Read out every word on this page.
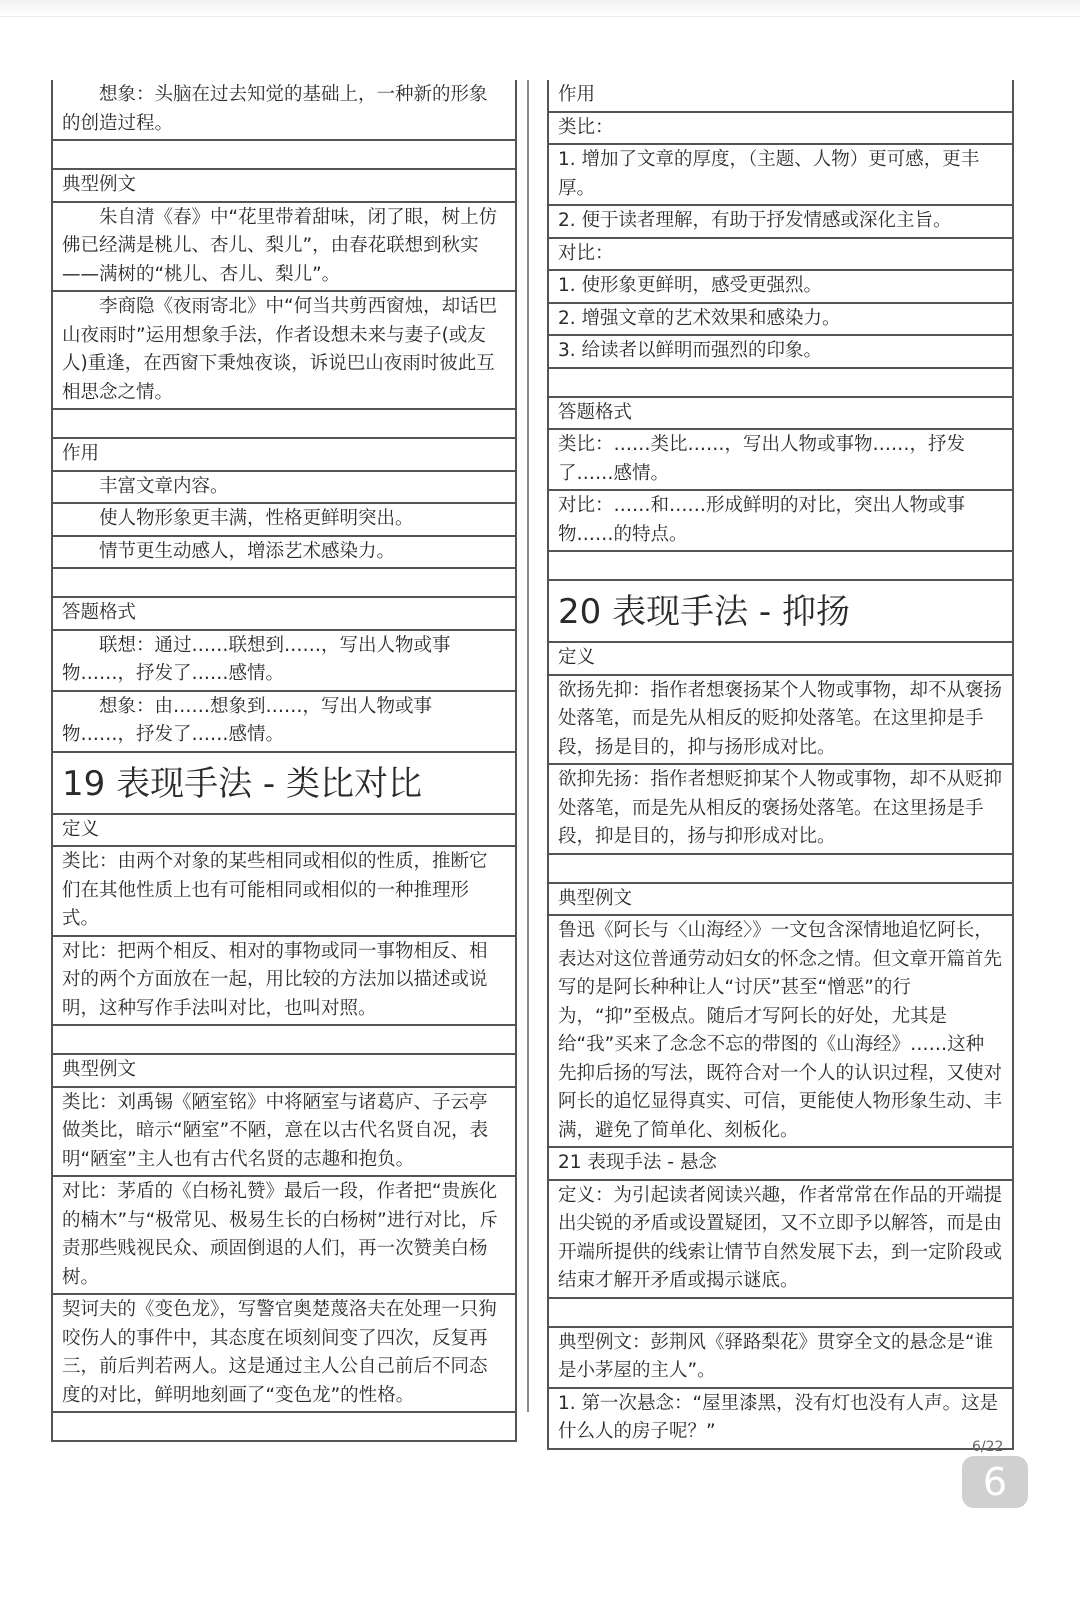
想象：头脑在过去知觉的基础上，一种新的形象的创造过程。
典型例文
朱自清《春》中“花里带着甜味，闭了眼，树上仿佛已经满是桃儿、杏儿、梨儿”，由春花联想到秋实——满树的“桃儿、杏儿、梨儿”。
李商隐《夜雨寄北》中“何当共剪西窗烛，却话巴山夜雨时”运用想象手法，作者设想未来与妻子(或友人)重逢，在西窗下秉烛夜谈，诉说巴山夜雨时彼此互相思念之情。
作用
丰富文章内容。
使人物形象更丰满，性格更鲜明突出。
情节更生动感人，增添艺术感染力。
答题格式
联想：通过……联想到……，写出人物或事物……，抒发了……感情。
想象：由……想象到……，写出人物或事物……，抒发了……感情。
19 表现手法 - 类比对比
定义
类比：由两个对象的某些相同或相似的性质，推断它们在其他性质上也有可能相同或相似的一种推理形式。
对比：把两个相反、相对的事物或同一事物相反、相对的两个方面放在一起，用比较的方法加以描述或说明，这种写作手法叫对比，也叫对照。
典型例文
类比：刘禹锡《陋室铭》中将陋室与诸葛庐、子云亭做类比，暗示“陋室”不陋，意在以古代名贤自况，表明“陋室”主人也有古代名贤的志趣和抱负。
对比：茅盾的《白杨礼赞》最后一段，作者把“贵族化的楠木”与“极常见、极易生长的白杨树”进行对比，斥责那些贱视民众、顽固倒退的人们，再一次赞美白杨树。
契诃夫的《变色龙》，写警官奥楚蔑洛夫在处理一只狗咬伤人的事件中，其态度在顷刻间变了四次，反复再三，前后判若两人。这是通过主人公自己前后不同态度的对比，鲜明地刻画了“变色龙”的性格。
作用
类比：
1. 增加了文章的厚度，（主题、人物）更可感，更丰厚。
2. 便于读者理解，有助于抒发情感或深化主旨。
对比：
1. 使形象更鲜明，感受更强烈。
2. 增强文章的艺术效果和感染力。
3. 给读者以鲜明而强烈的印象。
答题格式
类比：……类比……，写出人物或事物……，抒发了……感情。
对比：……和……形成鲜明的对比，突出人物或事物……的特点。
20 表现手法 - 抑扬
定义
欲扬先抑：指作者想褒扬某个人物或事物，却不从褒扬处落笔，而是先从相反的贬抑处落笔。在这里抑是手段，扬是目的，抑与扬形成对比。
欲抑先扬：指作者想贬抑某个人物或事物，却不从贬抑处落笔，而是先从相反的褒扬处落笔。在这里扬是手段，抑是目的，扬与抑形成对比。
典型例文
鲁迅《阿长与〈山海经〉》一文包含深情地追忆阿长，表达对这位普通劳动妇女的怀念之情。但文章开篇首先写的是阿长种种让人“讨厌”甚至“憎恶”的行为，“抑”至极点。随后才写阿长的好处，尤其是给“我”买来了念念不忘的带图的《山海经》……这种先抑后扬的写法，既符合对一个人的认识过程，又使对阿长的追忆显得真实、可信，更能使人物形象生动、丰满，避免了简单化、刻板化。
21 表现手法 - 悬念
定义：为引起读者阅读兴趣，作者常常在作品的开端提出尖锐的矛盾或设置疑团，又不立即予以解答，而是由开端所提供的线索让情节自然发展下去，到一定阶段或结束才解开矛盾或揭示谜底。
典型例文：彭荆风《驿路梨花》贯穿全文的悬念是“谁是小茅屋的主人”。
1. 第一次悬念：“屋里漆黑，没有灯也没有人声。这是什么人的房子呢？”
6/22
6
